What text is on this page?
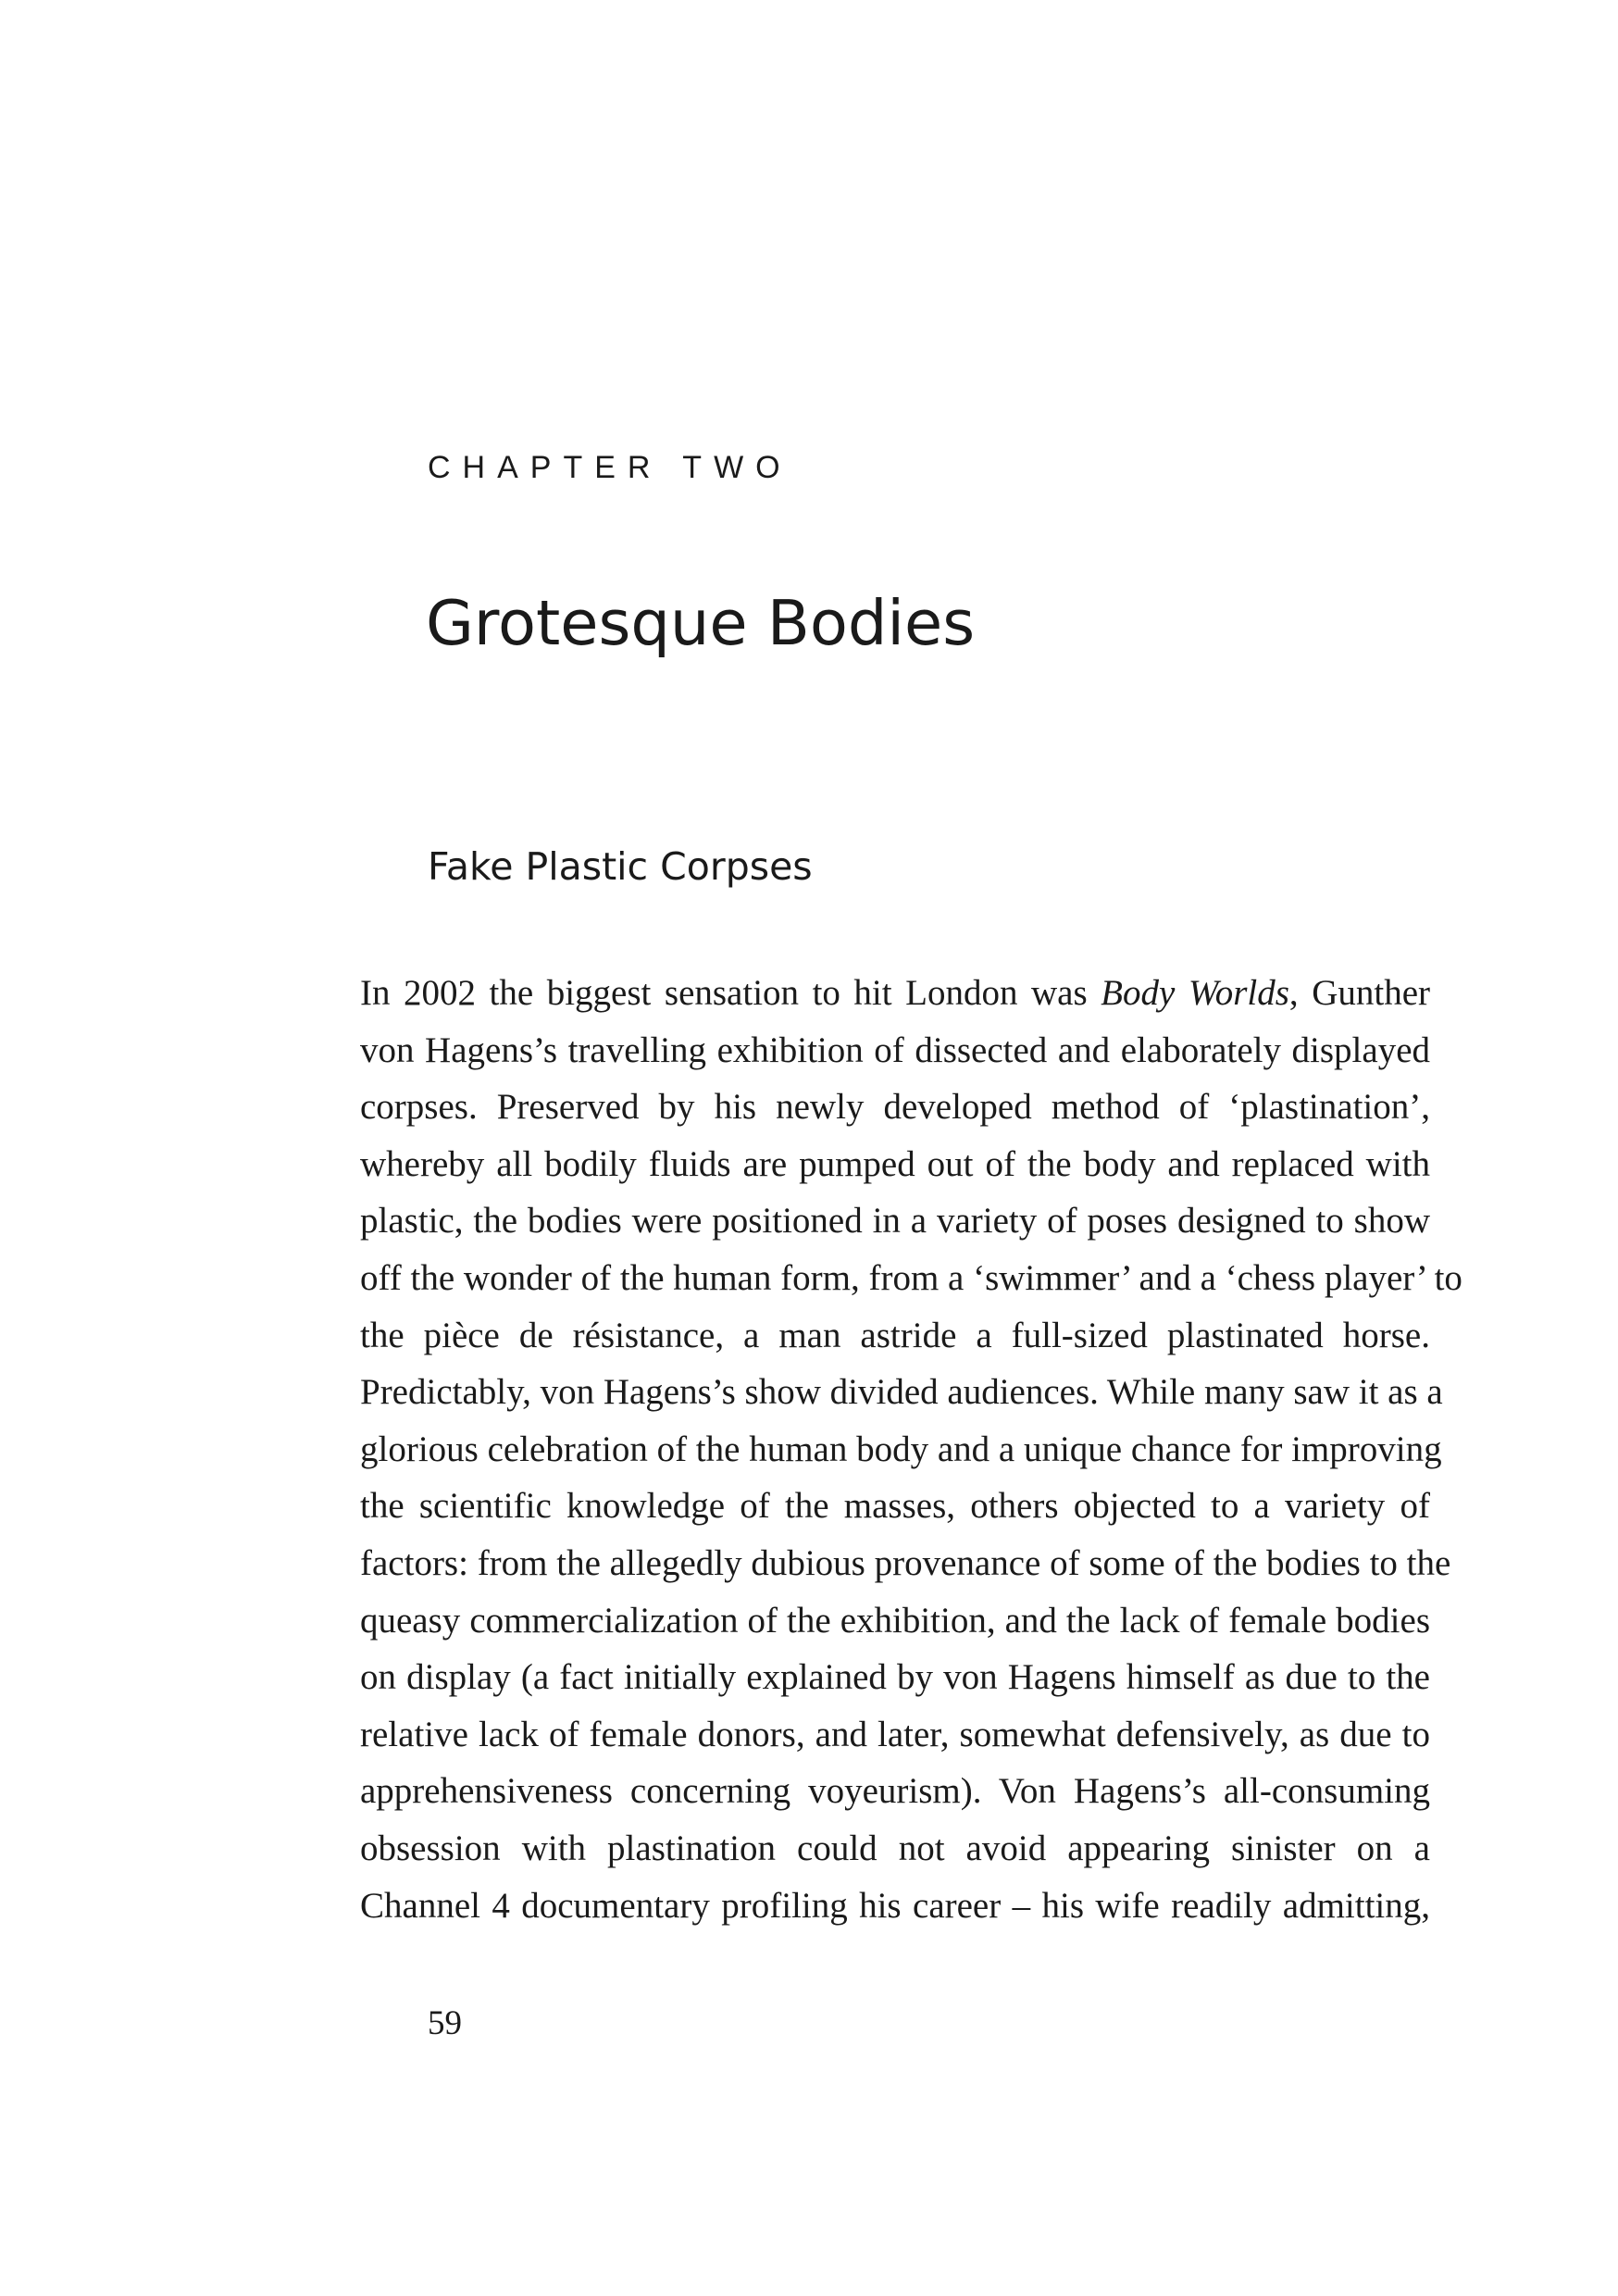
CHAPTER TWO
Grotesque Bodies
Fake Plastic Corpses
In 2002 the biggest sensation to hit London was Body Worlds, Gunther
von Hagens’s travelling exhibition of dissected and elaborately displayed
corpses. Preserved by his newly developed method of ‘plastination’,
whereby all bodily fluids are pumped out of the body and replaced with
plastic, the bodies were positioned in a variety of poses designed to show
off the wonder of the human form, from a ‘swimmer’ and a ‘chess player’ to
the pièce de résistance, a man astride a full-sized plastinated horse.
Predictably, von Hagens’s show divided audiences. While many saw it as a
glorious celebration of the human body and a unique chance for improving
the scientific knowledge of the masses, others objected to a variety of
factors: from the allegedly dubious provenance of some of the bodies to the
queasy commercialization of the exhibition, and the lack of female bodies
on display (a fact initially explained by von Hagens himself as due to the
relative lack of female donors, and later, somewhat defensively, as due to
apprehensiveness concerning voyeurism). Von Hagens’s all-consuming
obsession with plastination could not avoid appearing sinister on a
Channel 4 documentary profiling his career – his wife readily admitting,
59
